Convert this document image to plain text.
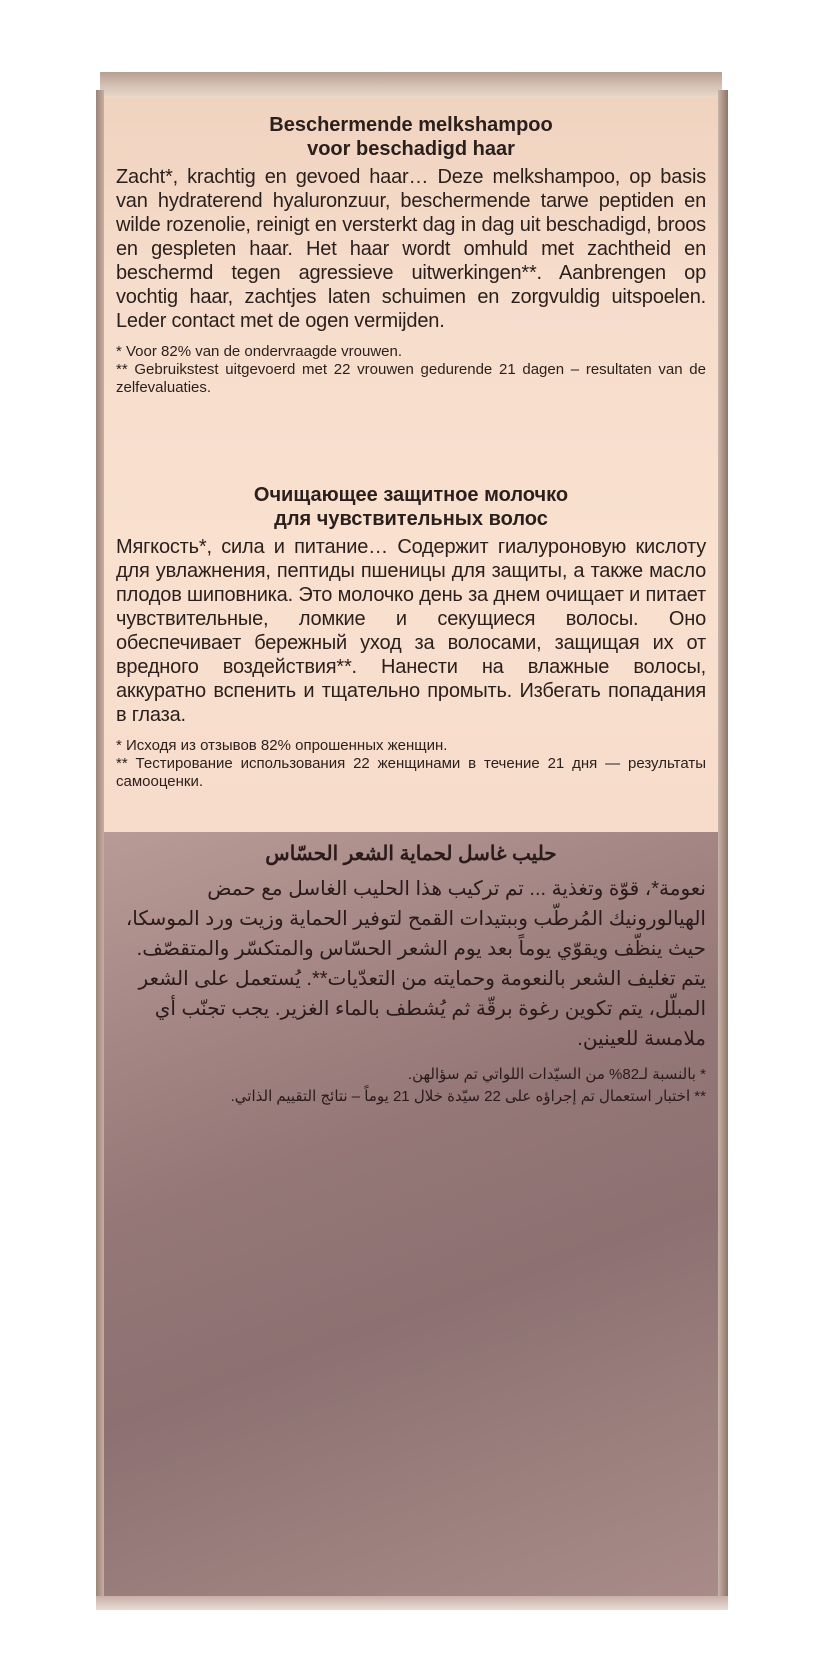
Beschermende melkshampoo
voor beschadigd haar

Zacht*, krachtig en gevoed haar… Deze melkshampoo, op basis van hydraterend hyaluronzuur, beschermende tarwe peptiden en wilde rozenolie, reinigt en versterkt dag in dag uit beschadigd, broos en gespleten haar. Het haar wordt omhuld met zachtheid en beschermd tegen agressieve uitwerkingen**. Aanbrengen op vochtig haar, zachtjes laten schuimen en zorgvuldig uitspoelen. Leder contact met de ogen vermijden.

* Voor 82% van de ondervraagde vrouwen.

** Gebruikstest uitgevoerd met 22 vrouwen gedurende 21 dagen – resultaten van de zelfevaluaties.

Очищающее защитное молочко
для чувствительных волос

Мягкость*, сила и питание… Содержит гиалуроновую кислоту для увлажнения, пептиды пшеницы для защиты, а также масло плодов шиповника. Это молочко день за днем очищает и питает чувствительные, ломкие и секущиеся волосы. Оно обеспечивает бережный уход за волосами, защищая их от вредного воздействия**. Нанести на влажные волосы, аккуратно вспенить и тщательно промыть. Избегать попадания в глаза.

* Исходя из отзывов 82% опрошенных женщин.

** Тестирование использования 22 женщинами в течение 21 дня — результаты самооценки.

حليب غاسل لحماية الشعر الحسّاس

نعومة*، قوّة وتغذية ... تم تركيب هذا الحليب الغاسل مع حمض الهيالورونيك المُرطّب وببتيدات القمح لتوفير الحماية وزيت ورد الموسكا، حيث ينظّف ويقوّي يوماً بعد يوم الشعر الحسّاس والمتكسّر والمتقصّف. يتم تغليف الشعر بالنعومة وحمايته من التعدّيات**. يُستعمل على الشعر المبلّل، يتم تكوين رغوة برقّة ثم يُشطف بالماء الغزير. يجب تجنّب أي ملامسة للعينين.

* بالنسبة لـ82% من السيّدات اللواتي تم سؤالهن.

** اختبار استعمال تم إجراؤه على 22 سيّدة خلال 21 يوماً – نتائج التقييم الذاتي.
